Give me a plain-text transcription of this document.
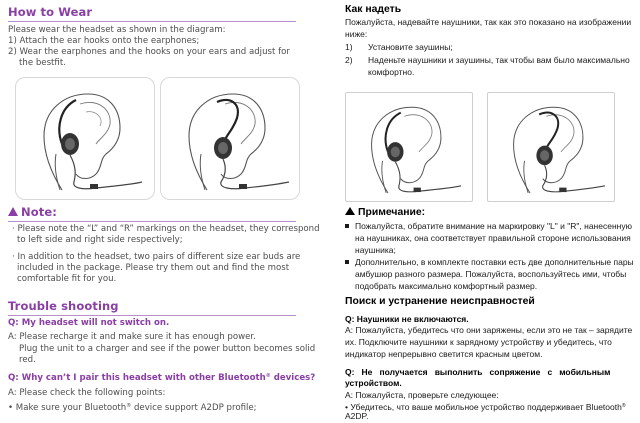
How to Wear
Please wear the headset as shown in the diagram:
1) Attach the ear hooks onto the earphones;
2) Wear the earphones and the hooks on your ears and adjust for
the bestfit.
Note:
· Please note the “L” and “R” markings on the headset, they correspond
to left side and right side respectively;
· In addition to the headset, two pairs of different size ear buds are
included in the package. Please try them out and find the most
comfortable fit for you.
Trouble shooting
Q: My headset will not switch on.
A: Please recharge it and make sure it has enough power.
Plug the unit to a charger and see if the power button becomes solid
red.
Q: Why can’t I pair this headset with other Bluetooth® devices?
A: Please check the following points:
• Make sure your Bluetooth® device support A2DP profile;
Как надеть
Пожалуйста, надевайте наушники, так как это показано на изображении
ниже:
1) Установите заушины;
2) Наденьте наушники и заушины, так чтобы вам было максимально
комфортно.
Примечание:
Пожалуйста, обратите внимание на маркировку "L" и "R", нанесенную
на наушниках, она соответствует правильной стороне использования
наушника;
Дополнительно, в комплекте поставки есть две дополнительные пары
амбушюр разного размера. Пожалуйста, воспользуйтесь ими, чтобы
подобрать максимально комфортный размер.
Поиск и устранение неисправностей
Q: Наушники не включаются.
A: Пожалуйста, убедитесь что они заряжены, если это не так – зарядите
их. Подключите наушники к зарядному устройству и убедитесь, что
индикатор непрерывно светится красным цветом.
Q:   Не   получается   выполнить   сопряжение   с   мобильным
устройством.
A: Пожалуйста, проверьте следующее:
• Убедитесь, что ваше мобильное устройство поддерживает Bluetooth®
A2DP.
